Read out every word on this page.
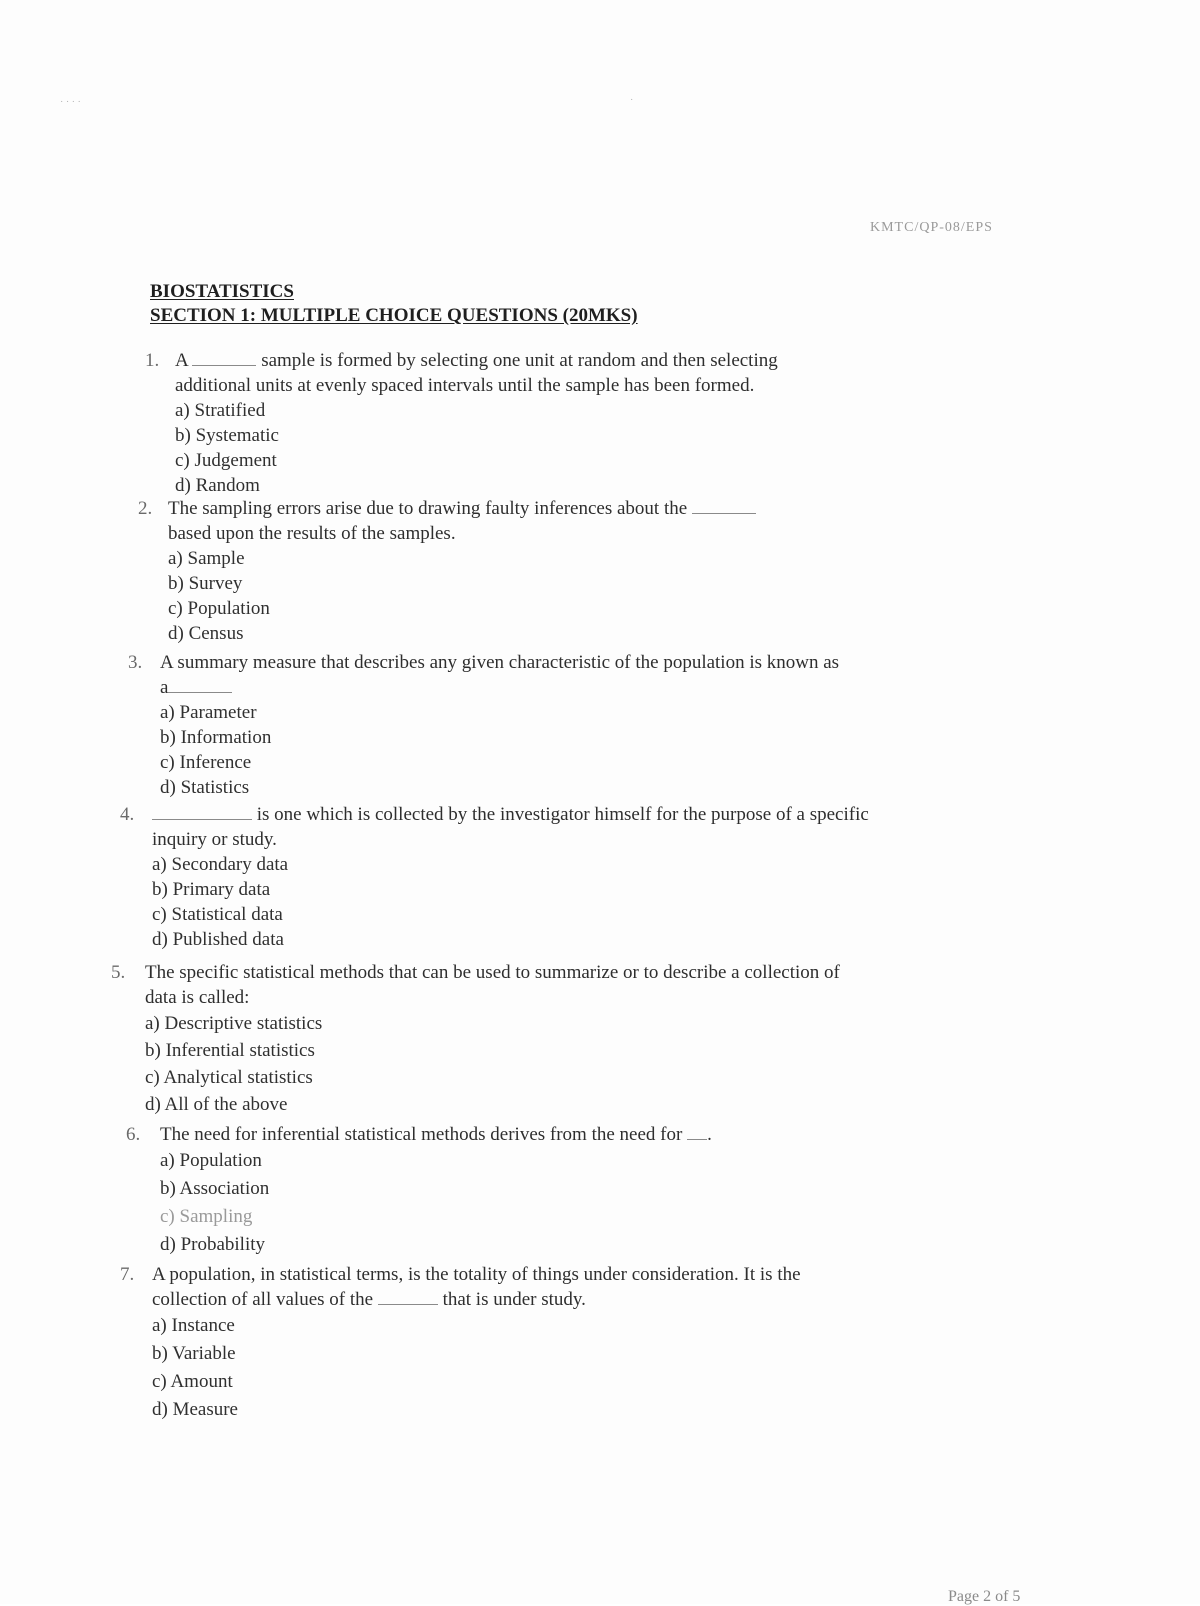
˙ ˙ ˙ ˙	˙
KMTC/QP-08/EPS
BIOSTATISTICS
SECTION 1: MULTIPLE CHOICE QUESTIONS (20MKS)
1. A	sample is formed by selecting one unit at random and then selecting
additional units at evenly spaced intervals until the sample has been formed.
a) Stratified
b) Systematic
c) Judgement
d) Random
2. The sampling errors arise due to drawing faulty inferences about the
based upon the results of the samples.
a) Sample
b) Survey
c) Population
d) Census
3. A summary measure that describes any given characteristic of the population is known as
a
a) Parameter
b) Information
c) Inference
d) Statistics
4.	is one which is collected by the investigator himself for the purpose of a specific
inquiry or study.
a) Secondary data
b) Primary data
c) Statistical data
d) Published data
5. The specific statistical methods that can be used to summarize or to describe a collection of
data is called:
a) Descriptive statistics
b) Inferential statistics
c) Analytical statistics
d) All of the above
6. The need for inferential statistical methods derives from the need for .
a) Population
b) Association
c) Sampling
d) Probability
7. A population, in statistical terms, is the totality of things under consideration. It is the
collection of all values of the	that is under study.
a) Instance
b) Variable
c) Amount
d) Measure
Page 2 of 5
